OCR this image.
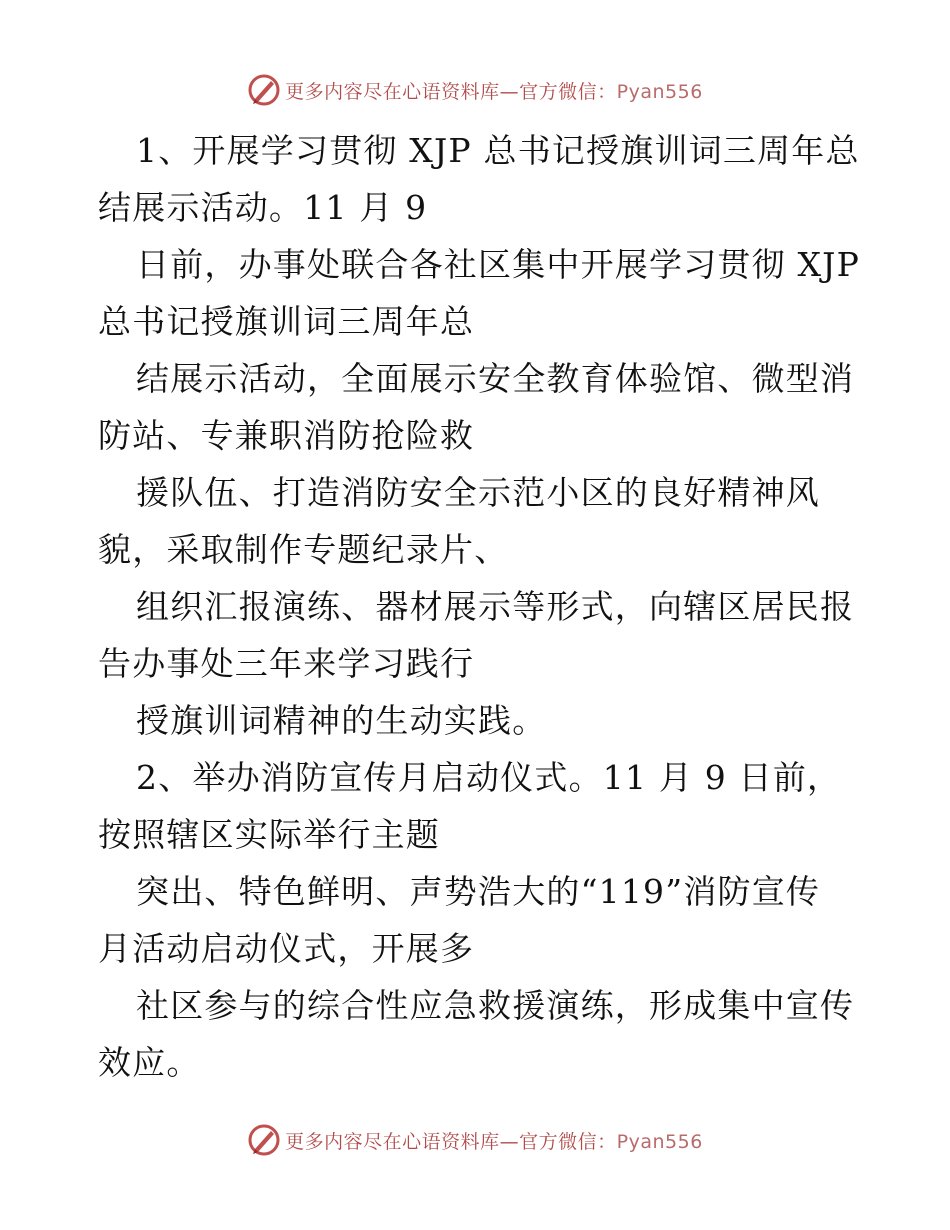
更多内容尽在心语资料库—官方微信：Pyan556

1、开展学习贯彻 XJP 总书记授旗训词三周年总
结展示活动。11 月 9

日前，办事处联合各社区集中开展学习贯彻 XJP
总书记授旗训词三周年总

结展示活动，全面展示安全教育体验馆、微型消
防站、专兼职消防抢险救

援队伍、打造消防安全示范小区的良好精神风
貌，采取制作专题纪录片、

组织汇报演练、器材展示等形式，向辖区居民报
告办事处三年来学习践行

授旗训词精神的生动实践。

2、举办消防宣传月启动仪式。11 月 9 日前，
按照辖区实际举行主题

突出、特色鲜明、声势浩大的“119”消防宣传
月活动启动仪式，开展多

社区参与的综合性应急救援演练，形成集中宣传
效应。

更多内容尽在心语资料库—官方微信：Pyan556
